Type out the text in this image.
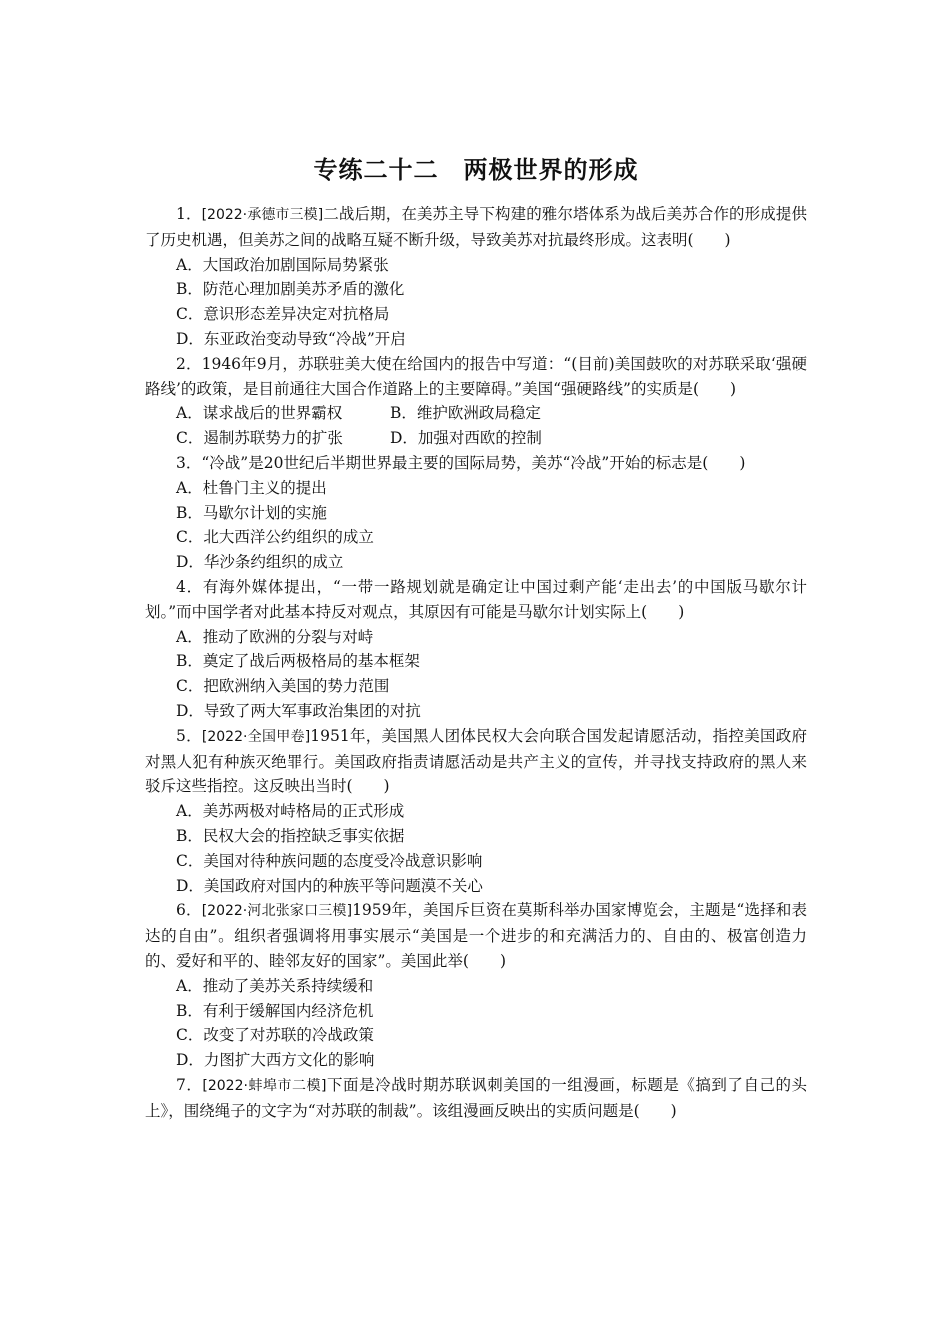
专练二十二　两极世界的形成

1．[2022·承德市三模]二战后期，在美苏主导下构建的雅尔塔体系为战后美苏合作的形成提供了历史机遇，但美苏之间的战略互疑不断升级，导致美苏对抗最终形成。这表明(　　)

A．大国政治加剧国际局势紧张

B．防范心理加剧美苏矛盾的激化

C．意识形态差异决定对抗格局

D．东亚政治变动导致“冷战”开启

2．1946年9月，苏联驻美大使在给国内的报告中写道：“(目前)美国鼓吹的对苏联采取‘强硬路线’的政策，是目前通往大国合作道路上的主要障碍。”美国“强硬路线”的实质是(　　)

A．谋求战后的世界霸权	B．维护欧洲政局稳定
C．遏制苏联势力的扩张	D．加强对西欧的控制

3．“冷战”是20世纪后半期世界最主要的国际局势，美苏“冷战”开始的标志是(　　)

A．杜鲁门主义的提出

B．马歇尔计划的实施

C．北大西洋公约组织的成立

D．华沙条约组织的成立

4．有海外媒体提出，“一带一路规划就是确定让中国过剩产能‘走出去’的中国版马歇尔计划。”而中国学者对此基本持反对观点，其原因有可能是马歇尔计划实际上(　　)

A．推动了欧洲的分裂与对峙

B．奠定了战后两极格局的基本框架

C．把欧洲纳入美国的势力范围

D．导致了两大军事政治集团的对抗

5．[2022·全国甲卷]1951年，美国黑人团体民权大会向联合国发起请愿活动，指控美国政府对黑人犯有种族灭绝罪行。美国政府指责请愿活动是共产主义的宣传，并寻找支持政府的黑人来驳斥这些指控。这反映出当时(　　)

A．美苏两极对峙格局的正式形成

B．民权大会的指控缺乏事实依据

C．美国对待种族问题的态度受冷战意识影响

D．美国政府对国内的种族平等问题漠不关心

6．[2022·河北张家口三模]1959年，美国斥巨资在莫斯科举办国家博览会，主题是“选择和表达的自由”。组织者强调将用事实展示“美国是一个进步的和充满活力的、自由的、极富创造力的、爱好和平的、睦邻友好的国家”。美国此举(　　)

A．推动了美苏关系持续缓和

B．有利于缓解国内经济危机

C．改变了对苏联的冷战政策

D．力图扩大西方文化的影响

7．[2022·蚌埠市二模]下面是冷战时期苏联讽刺美国的一组漫画，标题是《搞到了自己的头上》，围绕绳子的文字为“对苏联的制裁”。该组漫画反映出的实质问题是(　　)
